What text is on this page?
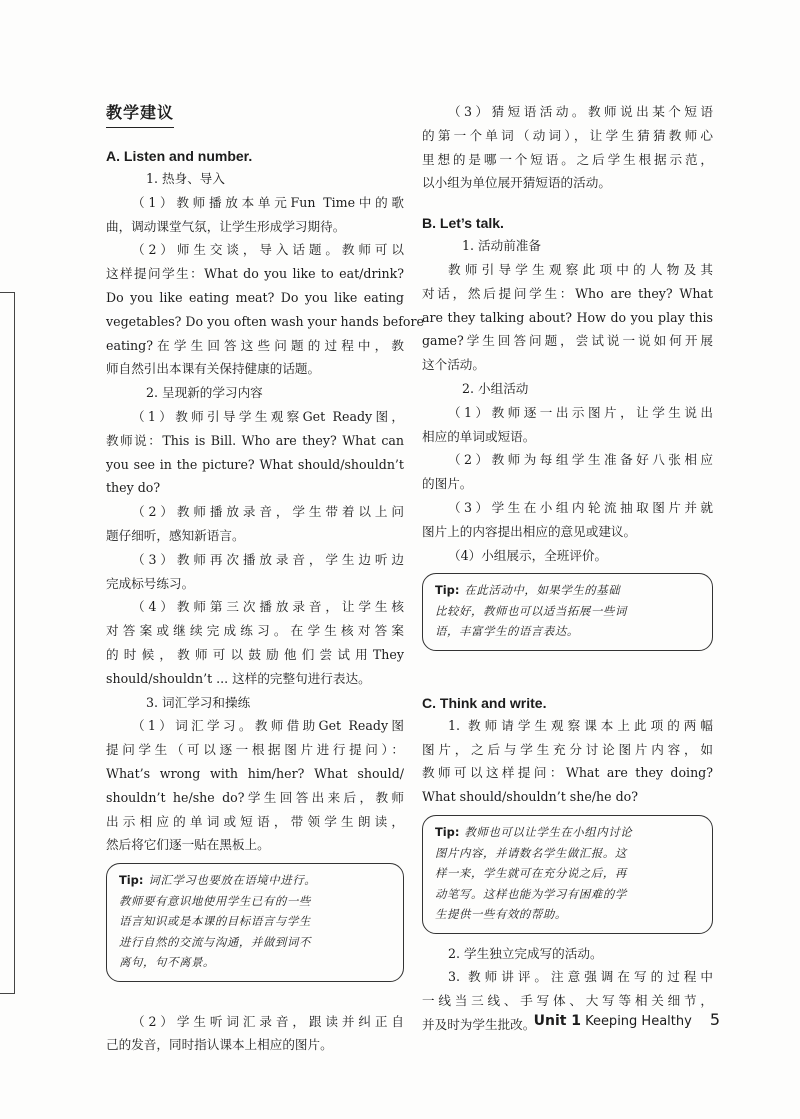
教学建议
A. Listen and number.

1. 热身、导入

（1）教师播放本单元Fun Time中的歌

曲，调动课堂气氛，让学生形成学习期待。

（2）师生交谈，导入话题。教师可以

这样提问学生：What do you like to eat/drink?

Do you like eating meat? Do you like eating

vegetables? Do you often wash your hands before

eating?在学生回答这些问题的过程中，教

师自然引出本课有关保持健康的话题。

2. 呈现新的学习内容

（1）教师引导学生观察Get Ready图，

教师说：This is Bill. Who are they? What can

you see in the picture? What should/shouldn’t

they do?

（2）教师播放录音，学生带着以上问

题仔细听，感知新语言。

（3）教师再次播放录音，学生边听边

完成标号练习。

（4）教师第三次播放录音，让学生核

对答案或继续完成练习。在学生核对答案

的时候，教师可以鼓励他们尝试用They

should/shouldn’t ... 这样的完整句进行表达。

3. 词汇学习和操练

（1）词汇学习。教师借助Get Ready图

提问学生（可以逐一根据图片进行提问）：

What’s wrong with him/her? What should/

shouldn’t he/she do?学生回答出来后，教师

出示相应的单词或短语，带领学生朗读，

然后将它们逐一贴在黑板上。

Tip: 词汇学习也要放在语境中进行。

教师要有意识地使用学生已有的一些

语言知识或是本课的目标语言与学生

进行自然的交流与沟通，并做到词不

离句，句不离景。

（2）学生听词汇录音，跟读并纠正自

己的发音，同时指认课本上相应的图片。

（3）猜短语活动。教师说出某个短语

的第一个单词（动词），让学生猜猜教师心

里想的是哪一个短语。之后学生根据示范，

以小组为单位展开猜短语的活动。

B. Let’s talk.

1. 活动前准备

教师引导学生观察此项中的人物及其

对话，然后提问学生：Who are they? What

are they talking about? How do you play this

game?学生回答问题，尝试说一说如何开展

这个活动。

2. 小组活动

（1）教师逐一出示图片，让学生说出

相应的单词或短语。

（2）教师为每组学生准备好八张相应

的图片。

（3）学生在小组内轮流抽取图片并就

图片上的内容提出相应的意见或建议。

（4）小组展示，全班评价。

Tip: 在此活动中，如果学生的基础

比较好，教师也可以适当拓展一些词

语，丰富学生的语言表达。

C. Think and write.

1. 教师请学生观察课本上此项的两幅

图片，之后与学生充分讨论图片内容，如

教师可以这样提问：What are they doing?

What should/shouldn’t she/he do?

Tip: 教师也可以让学生在小组内讨论

图片内容，并请数名学生做汇报。这

样一来，学生就可在充分说之后，再

动笔写。这样也能为学习有困难的学

生提供一些有效的帮助。

2. 学生独立完成写的活动。

3. 教师讲评。注意强调在写的过程中

一线当三线、手写体、大写等相关细节，

并及时为学生批改。

Unit 1 Keeping Healthy 5
